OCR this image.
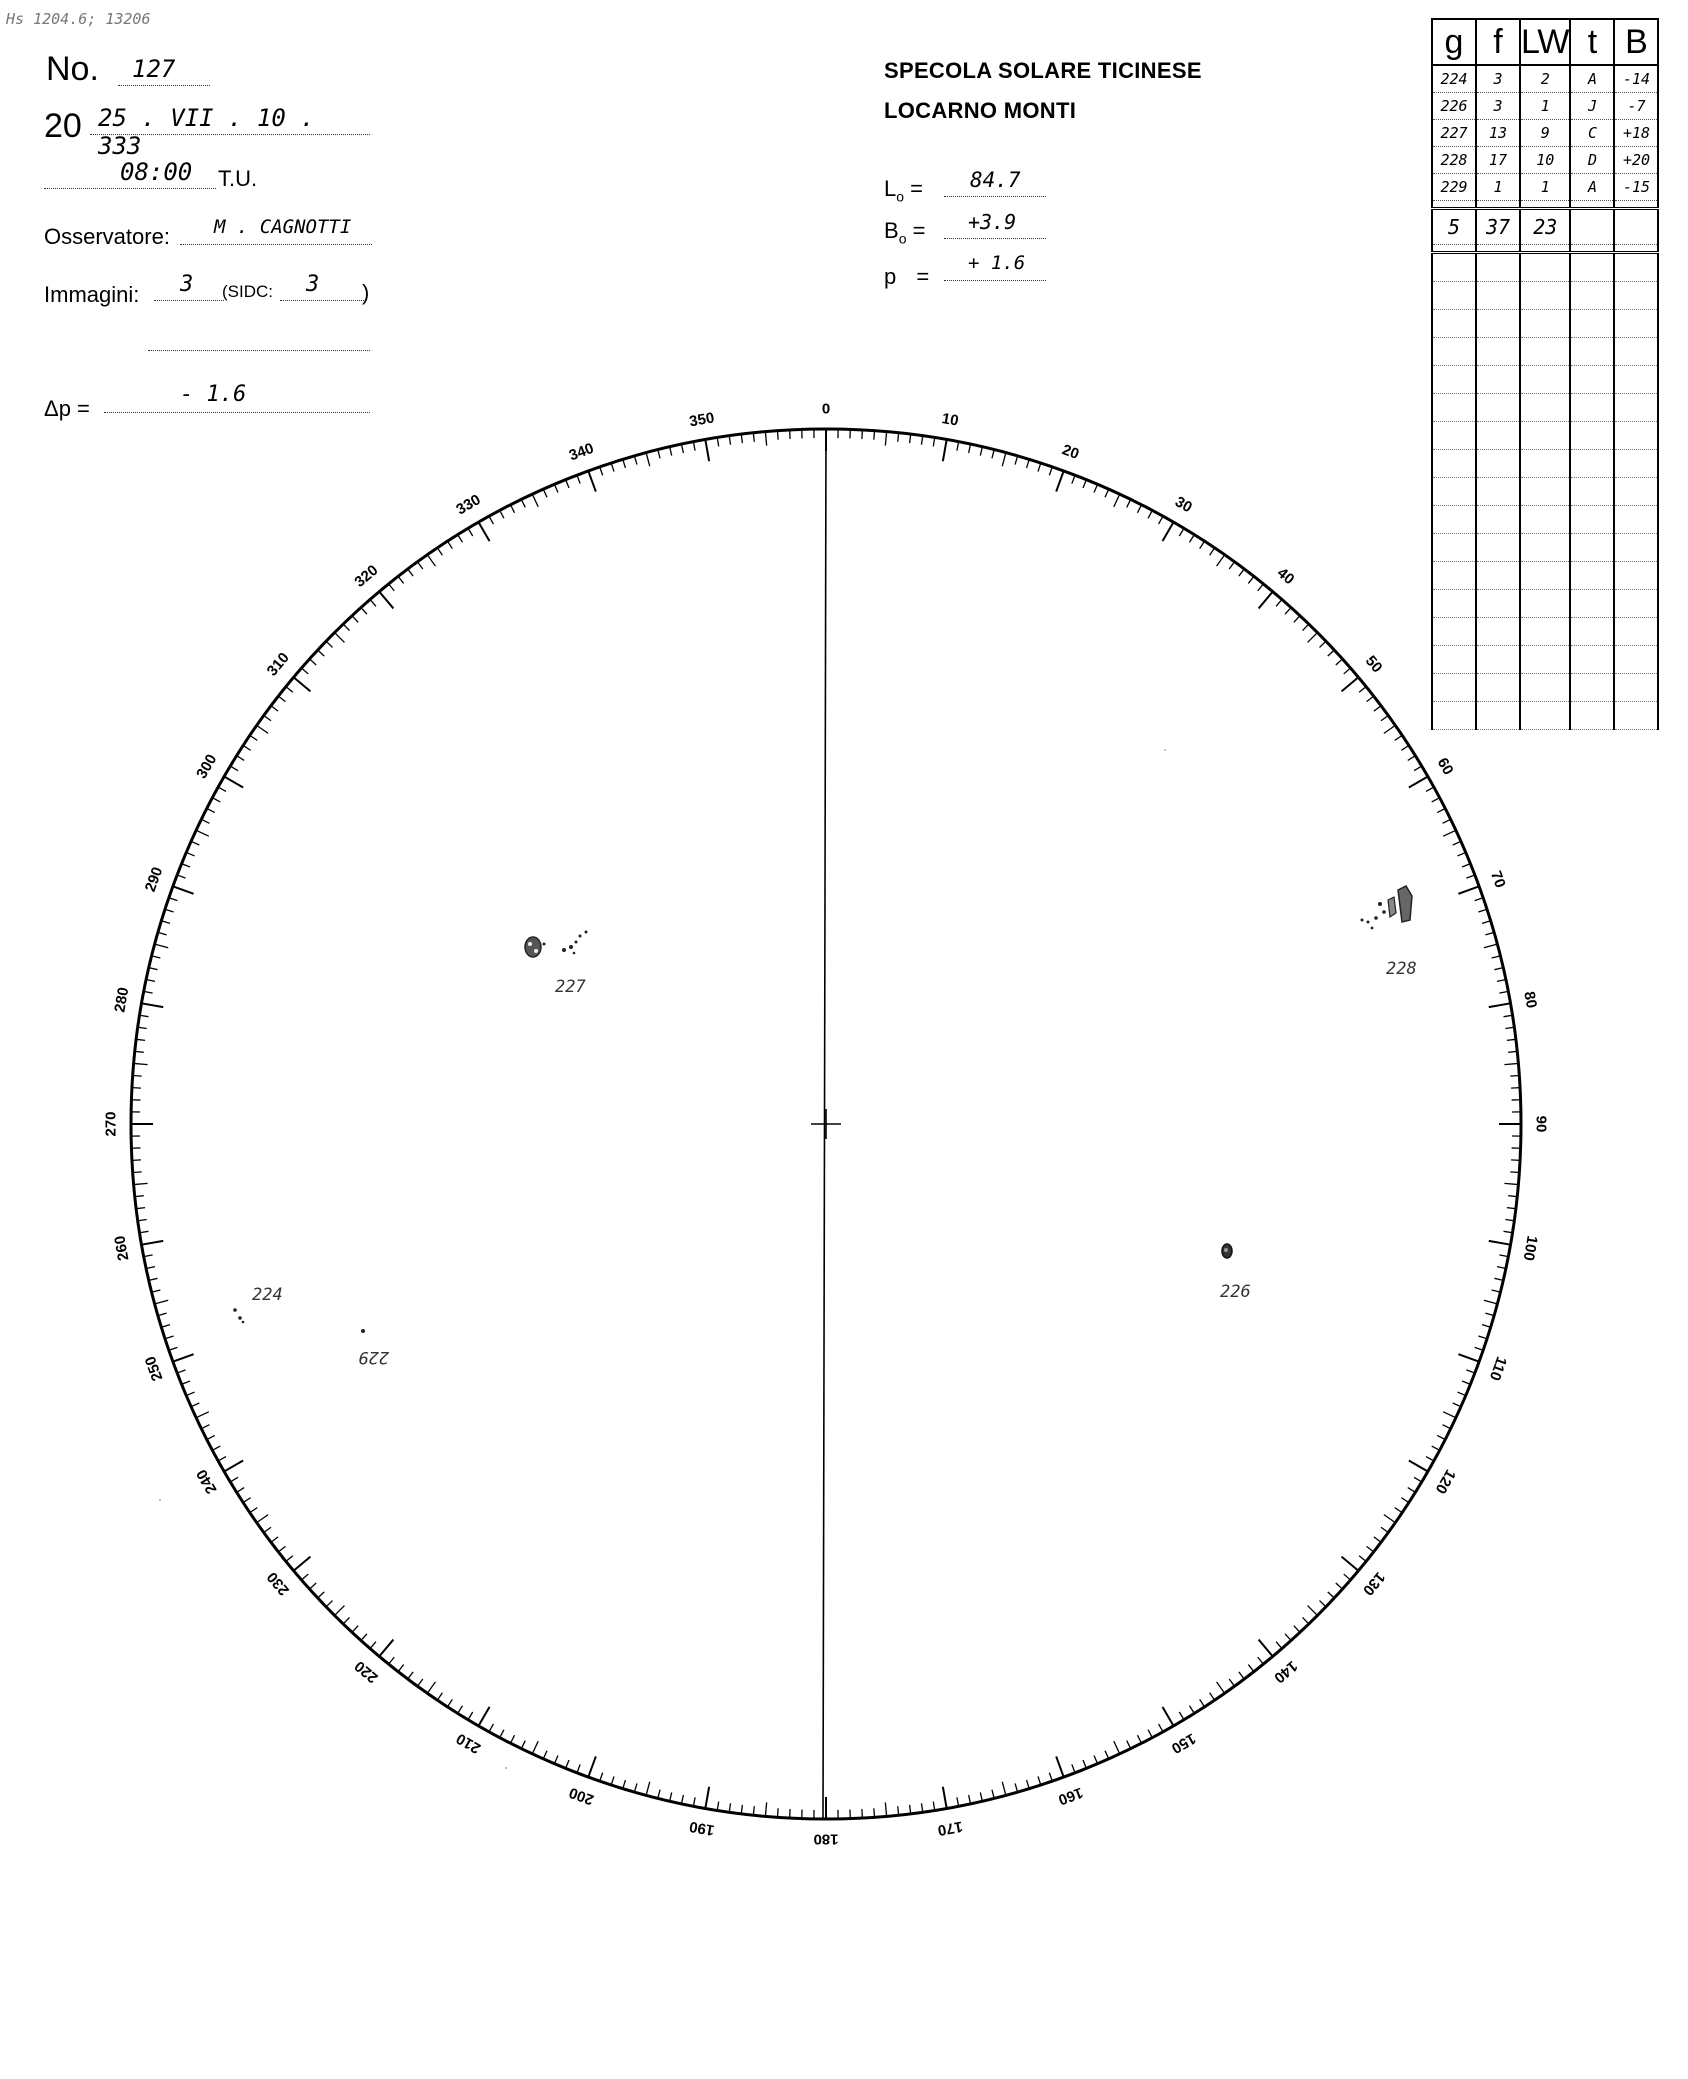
Hs 1204.6; 13206
No. 127
20 25 . VII . 10 . 333
08:00 T.U.
Osservatore: M . CAGNOTTI
Immagini: 3 (SIDC: 3 )
Δp =
- 1.6
SPECOLA SOLARE TICINESE
LOCARNO MONTI
$L_o = 84.7$
$B_o = +3.9$
p =
+ 1.6
g	f	LW	t	B
224	3	2	A	-14
226	3	1	J	-7
227	13	9	C	+18
228	17	10	D	+20
229	1	1	A	-15

5	37	23		

0
10
20
30
40
50
60
70
80
90
100
110
120
130
140
150
160
170
180
190
200
210
220
230
240
250
260
270
280
290
300
310
320
330
340
350
227
228
224
229
226
